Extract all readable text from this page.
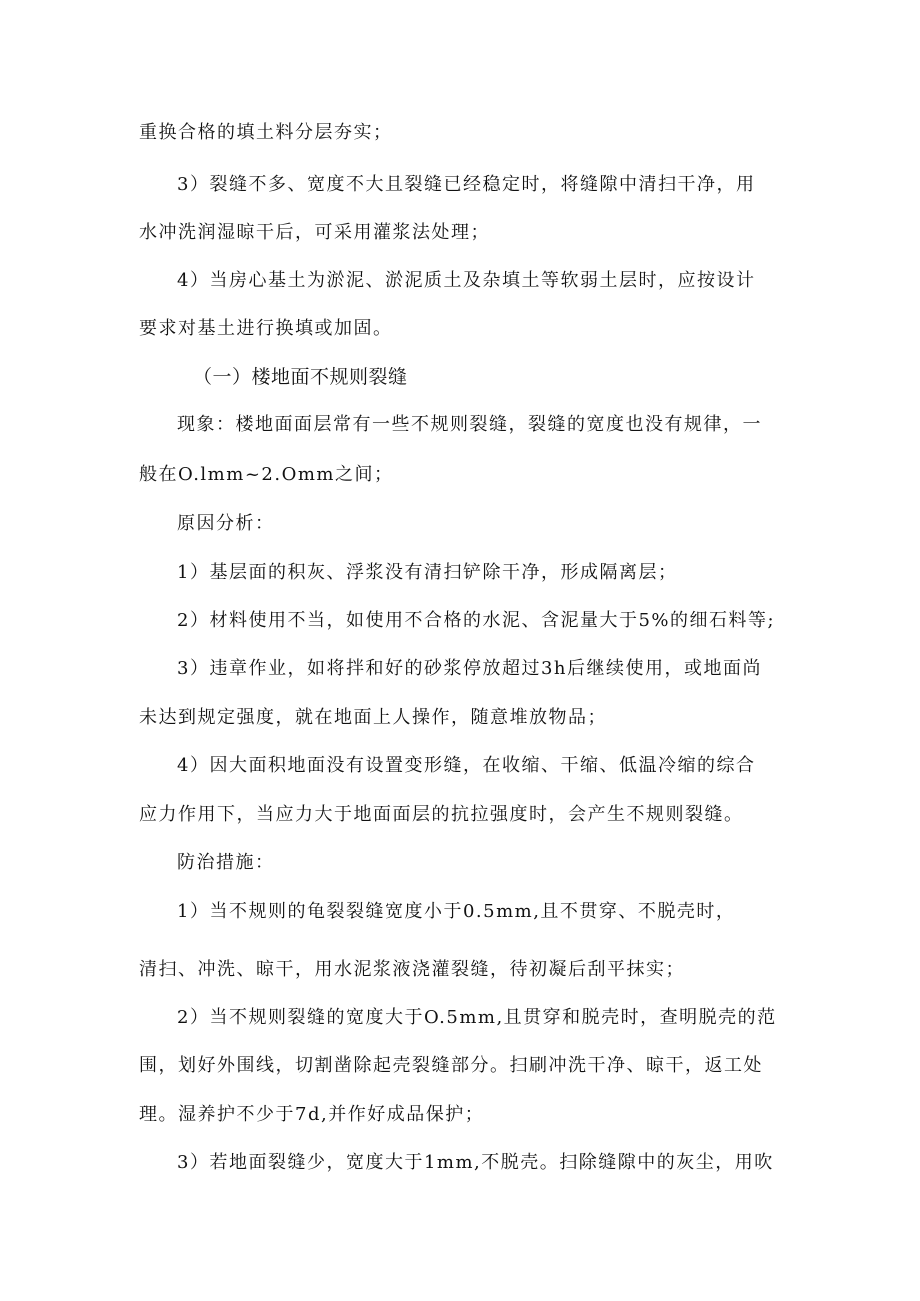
重换合格的填土料分层夯实；
3）裂缝不多、宽度不大且裂缝已经稳定时，将缝隙中清扫干净，用
水冲洗润湿晾干后，可采用灌浆法处理；
4）当房心基土为淤泥、淤泥质土及杂填土等软弱土层时，应按设计
要求对基土进行换填或加固。
（一）楼地面不规则裂缝
现象：楼地面面层常有一些不规则裂缝，裂缝的宽度也没有规律，一
般在O.lmm~2.Omm之间；
原因分析：
1）基层面的积灰、浮浆没有清扫铲除干净，形成隔离层；
2）材料使用不当，如使用不合格的水泥、含泥量大于5%的细石料等;
3）违章作业，如将拌和好的砂浆停放超过3h后继续使用，或地面尚
未达到规定强度，就在地面上人操作，随意堆放物品；
4）因大面积地面没有设置变形缝，在收缩、干缩、低温冷缩的综合
应力作用下，当应力大于地面面层的抗拉强度时，会产生不规则裂缝。
防治措施：
1）当不规则的龟裂裂缝宽度小于0.5mm,且不贯穿、不脱壳时，
清扫、冲洗、晾干，用水泥浆液浇灌裂缝，待初凝后刮平抹实；
2）当不规则裂缝的宽度大于O.5mm,且贯穿和脱壳时，查明脱壳的范
围，划好外围线，切割凿除起壳裂缝部分。扫刷冲洗干净、晾干，返工处
理。湿养护不少于7d,并作好成品保护；
3）若地面裂缝少，宽度大于1mm,不脱壳。扫除缝隙中的灰尘，用吹
